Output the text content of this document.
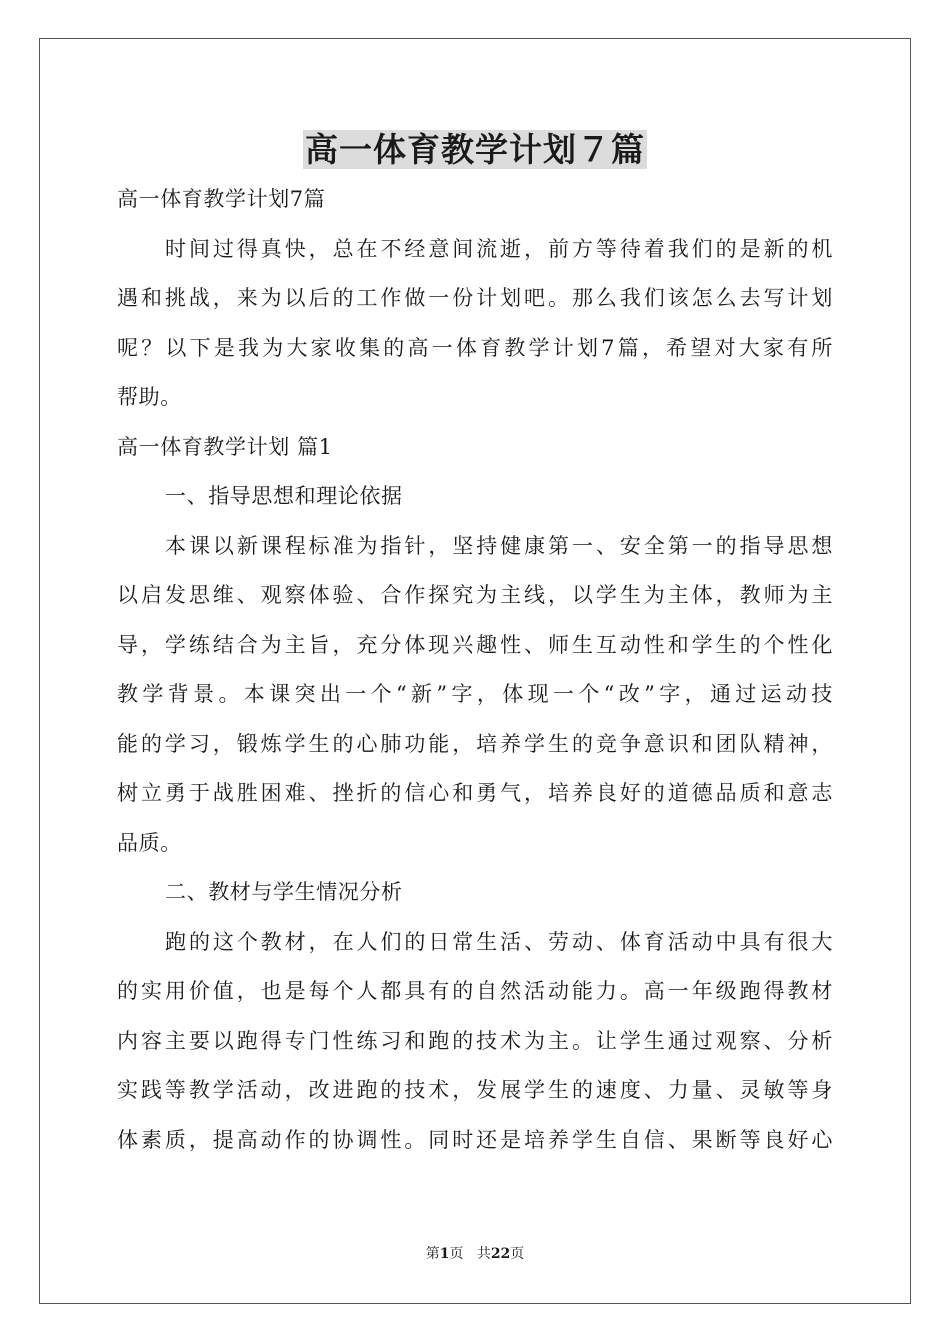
高一体育教学计划７篇
高一体育教学计划7篇
时间过得真快，总在不经意间流逝，前方等待着我们的是新的机
遇和挑战，来为以后的工作做一份计划吧。那么我们该怎么去写计划
呢？以下是我为大家收集的高一体育教学计划7篇，希望对大家有所
帮助。
高一体育教学计划 篇1
一、指导思想和理论依据
本课以新课程标准为指针，坚持健康第一、安全第一的指导思想
以启发思维、观察体验、合作探究为主线，以学生为主体，教师为主
导，学练结合为主旨，充分体现兴趣性、师生互动性和学生的个性化
教学背景。本课突出一个“新”字，体现一个“改”字，通过运动技
能的学习，锻炼学生的心肺功能，培养学生的竞争意识和团队精神，
树立勇于战胜困难、挫折的信心和勇气，培养良好的道德品质和意志
品质。
二、教材与学生情况分析
跑的这个教材，在人们的日常生活、劳动、体育活动中具有很大
的实用价值，也是每个人都具有的自然活动能力。高一年级跑得教材
内容主要以跑得专门性练习和跑的技术为主。让学生通过观察、分析
实践等教学活动，改进跑的技术，发展学生的速度、力量、灵敏等身
体素质，提高动作的协调性。同时还是培养学生自信、果断等良好心
第1页 共22页
